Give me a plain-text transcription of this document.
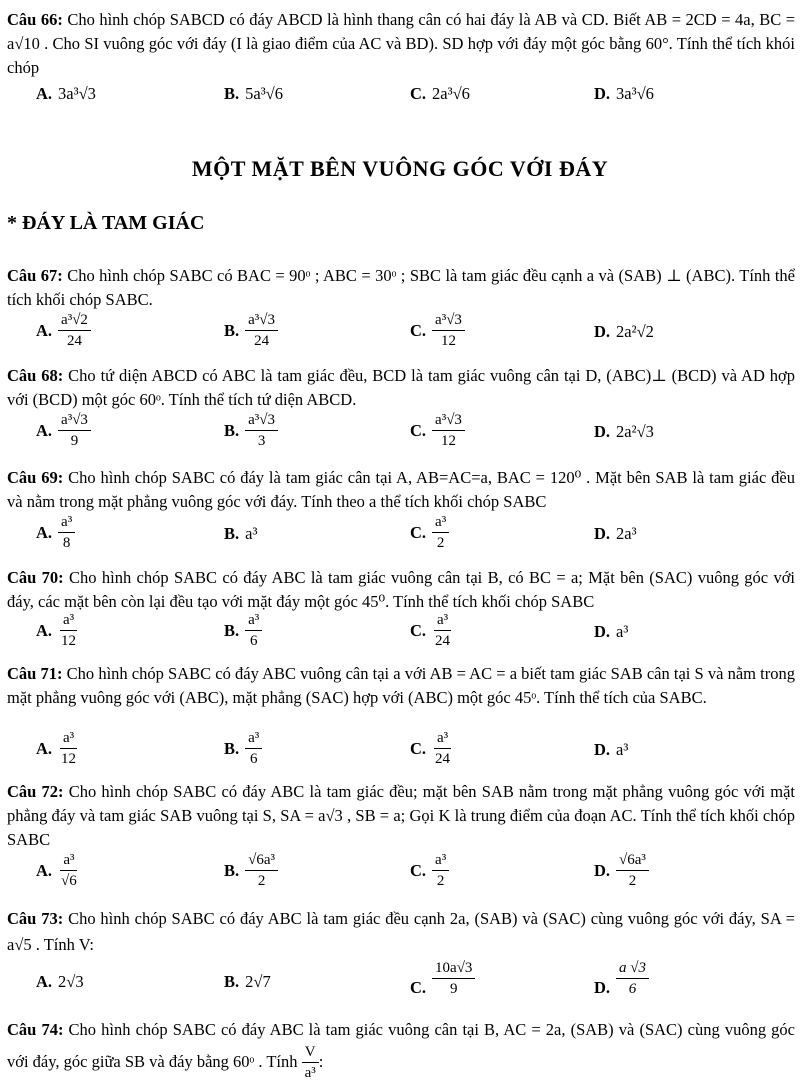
Câu 66: Cho hình chóp SABCD có đáy ABCD là hình thang cân có hai đáy là AB và CD. Biết AB = 2CD = 4a, BC = a√10 . Cho SI vuông góc với đáy (I là giao điểm của AC và BD). SD hợp với đáy một góc bằng 60°. Tính thể tích khói chóp
A. 3a³√3	B. 5a³√6	C. 2a³√6	D. 3a³√6
MỘT MẶT BÊN VUÔNG GÓC VỚI ĐÁY
* ĐÁY LÀ TAM GIÁC
Câu 67: Cho hình chóp SABC có BAC = 90ᵒ ; ABC = 30ᵒ ; SBC là tam giác đều cạnh a và (SAB) ⊥ (ABC). Tính thể tích khối chóp SABC.
A. $\frac{\text{a³√2}}{24}$	B. $\frac{\text{a³√3}}{24}$	C. $\frac{\text{a³√3}}{12}$	D. 2a²√2
Câu 68: Cho tứ diện ABCD có ABC là tam giác đều, BCD là tam giác vuông cân tại D, (ABC)⊥ (BCD) và AD hợp với (BCD) một góc 60ᵒ. Tính thể tích tứ diện ABCD.
A. $\frac{\text{a³√3}}{9}$	B. $\frac{\text{a³√3}}{3}$	C. $\frac{\text{a³√3}}{12}$	D. 2a²√3
Câu 69: Cho hình chóp SABC có đáy là tam giác cân tại A, AB=AC=a, BAC = 120⁰ . Mặt bên SAB là tam giác đều và nằm trong mặt phẳng vuông góc với đáy. Tính theo a thể tích khối chóp SABC
A. $\frac{\text{a³}}{8}$	B. a³	C. $\frac{\text{a³}}{2}$	D. 2a³
Câu 70: Cho hình chóp SABC có đáy ABC là tam giác vuông cân tại B, có BC = a; Mặt bên (SAC) vuông góc với đáy, các mặt bên còn lại đều tạo với mặt đáy một góc 45⁰. Tính thể tích khối chóp SABC
A. $\frac{\text{a³}}{12}$	B. $\frac{\text{a³}}{6}$	C. $\frac{\text{a³}}{24}$	D. a³
Câu 71: Cho hình chóp SABC có đáy ABC vuông cân tại a với AB = AC = a biết tam giác SAB cân tại S và nằm trong mặt phẳng vuông góc với (ABC), mặt phẳng (SAC) hợp với (ABC) một góc 45ᵒ. Tính thể tích của SABC.
A. $\frac{\text{a³}}{12}$	B. $\frac{\text{a³}}{6}$	C. $\frac{\text{a³}}{24}$	D. a³
Câu 72: Cho hình chóp SABC có đáy ABC là tam giác đều; mặt bên SAB nằm trong mặt phẳng vuông góc với mặt phẳng đáy và tam giác SAB vuông tại S, SA = a√3 , SB = a; Gọi K là trung điểm của đoạn AC. Tính thể tích khối chóp SABC
A. $\frac{\text{a³}}{√6}$	B. $\frac{\text{√6a³}}{2}$	C. $\frac{\text{a³}}{2}$	D. $\frac{\text{√6a³}}{2}$
Câu 73: Cho hình chóp SABC có đáy ABC là tam giác đều cạnh 2a, (SAB) và (SAC) cùng vuông góc với đáy, SA = a√5 . Tính V:
A. 2√3	B. 2√7	C. $\frac{10a√3}{9}$	D. $\frac{a √3}{6}$
Câu 74: Cho hình chóp SABC có đáy ABC là tam giác vuông cân tại B, AC = 2a, (SAB) và (SAC) cùng vuông góc với đáy, góc giữa SB và đáy bằng 60ᵒ . Tính $\frac{V}{\text{a³}}$ :
